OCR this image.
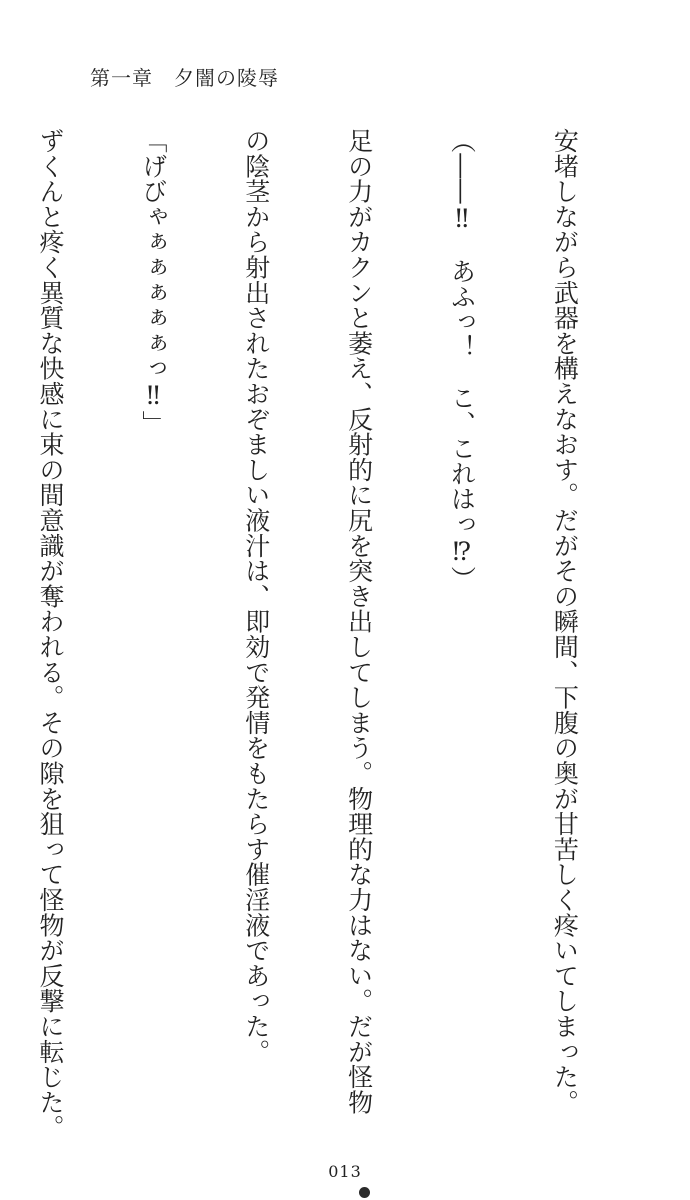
第一章　夕闇の陵辱

安堵しながら武器を構えなおす。だがその瞬間、下腹の奥が甘苦しく疼いてしまった。

（――‼　あふっ！　こ、これはっ⁉）

足の力がカクンと萎え、反射的に尻を突き出してしまう。物理的な力はない。だが怪物

の陰茎から射出されたおぞましい液汁は、即効で発情をもたらす催淫液であった。

「げびゃぁぁぁぁぁっ‼」

ずくんと疼く異質な快感に束の間意識が奪われる。その隙を狙って怪物が反撃に転じた。

013
